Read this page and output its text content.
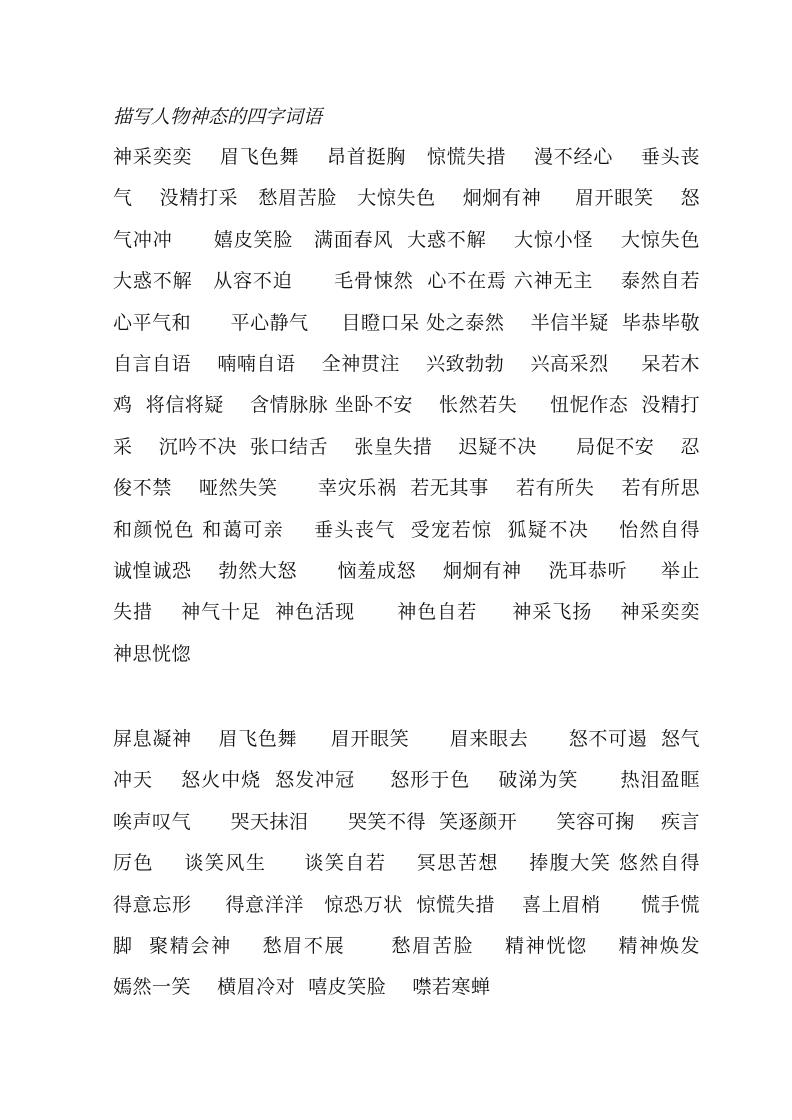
描写人物神态的四字词语

神采奕奕    眉飞色舞    昂首挺胸   惊慌失措    漫不经心    垂头丧气    没精打采   愁眉苦脸   大惊失色    炯炯有神     眉开眼笑    怒气冲冲      嬉皮笑脸   满面春风  大惑不解    大惊小怪    大惊失色     大惑不解   从容不迫      毛骨悚然  心不在焉 六神无主    泰然自若    心平气和      平心静气     目瞪口呆 处之泰然    半信半疑  毕恭毕敬     自言自语    喃喃自语    全神贯注    兴致勃勃    兴高采烈     呆若木鸡  将信将疑    含情脉脉 坐卧不安    怅然若失     忸怩作态  没精打采    沉吟不决  张口结舌    张皇失措    迟疑不决      局促不安    忍俊不禁    哑然失笑      幸灾乐祸  若无其事    若有所失    若有所思      和颜悦色 和蔼可亲    垂头丧气  受宠若惊  狐疑不决    怡然自得    诚惶诚恐    勃然大怒      恼羞成怒    炯炯有神    洗耳恭听     举止失措    神气十足  神色活现      神色自若     神采飞扬    神采奕奕 神思恍惚

屏息凝神    眉飞色舞     眉开眼笑      眉来眼去      怒不可遏  怒气冲天    怒火中烧  怒发冲冠     怒形于色    破涕为笑      热泪盈眶    唉声叹气      哭天抹泪      哭笑不得  笑逐颜开      笑容可掬    疾言厉色    谈笑风生     谈笑自若    冥思苦想    捧腹大笑 悠然自得    得意忘形     得意洋洋   惊恐万状  惊慌失措    喜上眉梢      慌手慌脚  聚精会神    愁眉不展      愁眉苦脸    精神恍惚    精神焕发      嫣然一笑    横眉冷对  嘻皮笑脸    噤若寒蝉
